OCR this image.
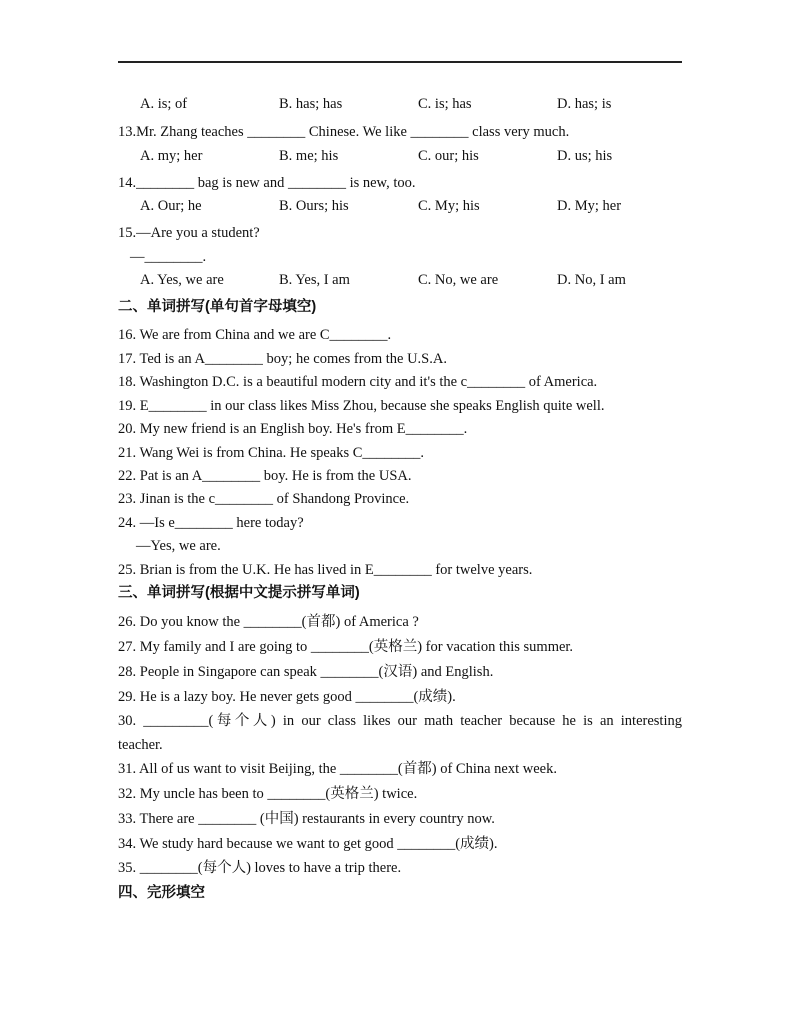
A. is; of	B. has; has	C. is; has	D. has; is
13.Mr. Zhang teaches ________ Chinese. We like ________ class very much.
A. my; her	B. me; his	C. our; his	D. us; his
14.________ bag is new and ________ is new, too.
A. Our; he	B. Ours; his	C. My; his	D. My; her
15.—Are you a student?
—________.
A. Yes, we are	B. Yes, I am	C. No, we are	D. No, I am
二、单词拼写(单句首字母填空)
16. We are from China and we are C________.
17. Ted is an A________ boy; he comes from the U.S.A.
18. Washington D.C. is a beautiful modern city and it's the c________ of America.
19. E________ in our class likes Miss Zhou, because she speaks English quite well.
20. My new friend is an English boy. He's from E________.
21. Wang Wei is from China. He speaks C________.
22. Pat is an A________ boy. He is from the USA.
23. Jinan is the c________ of Shandong Province.
24. —Is e________ here today?
—Yes, we are.
25. Brian is from the U.K. He has lived in E________ for twelve years.
三、单词拼写(根据中文提示拼写单词)
26. Do you know the ________(首都) of America ?
27. My family and I are going to ________(英格兰) for vacation this summer.
28. People in Singapore can speak ________(汉语) and English.
29. He is a lazy boy. He never gets good ________(成绩).
30. _________(每个人) in our class likes our math teacher because he is an interesting
teacher.
31. All of us want to visit Beijing, the ________(首都) of China next week.
32. My uncle has been to ________(英格兰) twice.
33. There are ________ (中国) restaurants in every country now.
34. We study hard because we want to get good ________(成绩).
35. ________(每个人) loves to have a trip there.
四、完形填空
